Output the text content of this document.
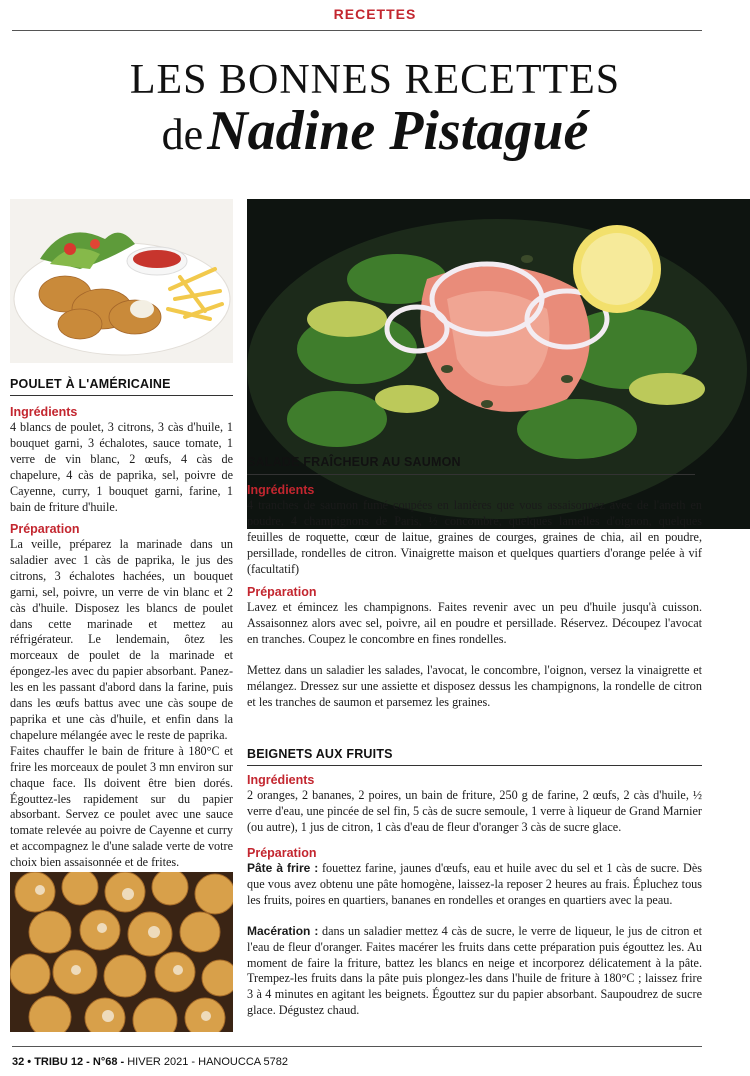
RECETTES
LES BONNES RECETTES
de Nadine Pistagué
POULET À L'AMÉRICAINE
Ingrédients
4 blancs de poulet, 3 citrons, 3 càs d'huile, 1 bouquet garni, 3 échalotes, sauce tomate, 1 verre de vin blanc, 2 œufs, 4 càs de chapelure, 4 càs de paprika, sel, poivre de Cayenne, curry, 1 bouquet garni, farine, 1 bain de friture d'huile.
Préparation

La veille, préparez la marinade dans un saladier avec 1 càs de paprika, le jus des citrons, 3 échalotes hachées, un bouquet garni, sel, poivre, un verre de vin blanc et 2 càs d'huile. Disposez les blancs de poulet dans cette marinade et mettez au réfrigérateur. Le lendemain, ôtez les morceaux de poulet de la marinade et épongez-les avec du papier absorbant. Panez-les en les passant d'abord dans la farine, puis dans les œufs battus avec une càs soupe de paprika et une càs d'huile, et enfin dans la chapelure mélangée avec le reste de paprika.

Faites chauffer le bain de friture à 180°C et frire les morceaux de poulet 3 mn environ sur chaque face. Ils doivent être bien dorés. Égouttez-les rapidement sur du papier absorbant. Servez ce poulet avec une sauce tomate relevée au poivre de Cayenne et curry et accompagnez le d'une salade verte de votre choix bien assaisonnée et de frites.

SALADE FRAÎCHEUR AU SAUMON
Ingrédients
4 tranches de saumon fumé coupées en lanières que vous assaisonnez avec de l'aneth en poudre, 4 champignons de Paris, ½ concombre, quelques lamelles d'oignon, quelques feuilles de roquette, cœur de laitue, graines de courges, graines de chia, ail en poudre, persillade, rondelles de citron. Vinaigrette maison et quelques quartiers d'orange pelée à vif (facultatif)
Préparation

Lavez et émincez les champignons. Faites revenir avec un peu d'huile jusqu'à cuisson. Assaisonnez alors avec sel, poivre, ail en poudre et persillade. Réservez. Découpez l'avocat en tranches. Coupez le concombre en fines rondelles.

Mettez dans un saladier les salades, l'avocat, le concombre, l'oignon, versez la vinaigrette et mélangez. Dressez sur une assiette et disposez dessus les champignons, la rondelle de citron et les tranches de saumon et parsemez les graines.

BEIGNETS AUX FRUITS
Ingrédients
2 oranges, 2 bananes, 2 poires, un bain de friture, 250 g de farine, 2 œufs, 2 càs d'huile, ½ verre d'eau, une pincée de sel fin, 5 càs de sucre semoule, 1 verre à liqueur de Grand Marnier (ou autre), 1 jus de citron, 1 càs d'eau de fleur d'oranger 3 càs de sucre glace.
Préparation

Pâte à frire : fouettez farine, jaunes d'œufs, eau et huile avec du sel et 1 càs de sucre. Dès que vous avez obtenu une pâte homogène, laissez-la reposer 2 heures au frais. Épluchez tous les fruits, poires en quartiers, bananes en rondelles et oranges en quartiers avec la peau.

Macération : dans un saladier mettez 4 càs de sucre, le verre de liqueur, le jus de citron et l'eau de fleur d'oranger. Faites macérer les fruits dans cette préparation puis égouttez les. Au moment de faire la friture, battez les blancs en neige et incorporez délicatement à la pâte. Trempez-les fruits dans la pâte puis plongez-les dans l'huile de friture à 180°C ; laissez frire 3 à 4 minutes en agitant les beignets. Égouttez sur du papier absorbant. Saupoudrez de sucre glace. Dégustez chaud.

32 • TRIBU 12 - N°68 - HIVER 2021 - HANOUCCA 5782
